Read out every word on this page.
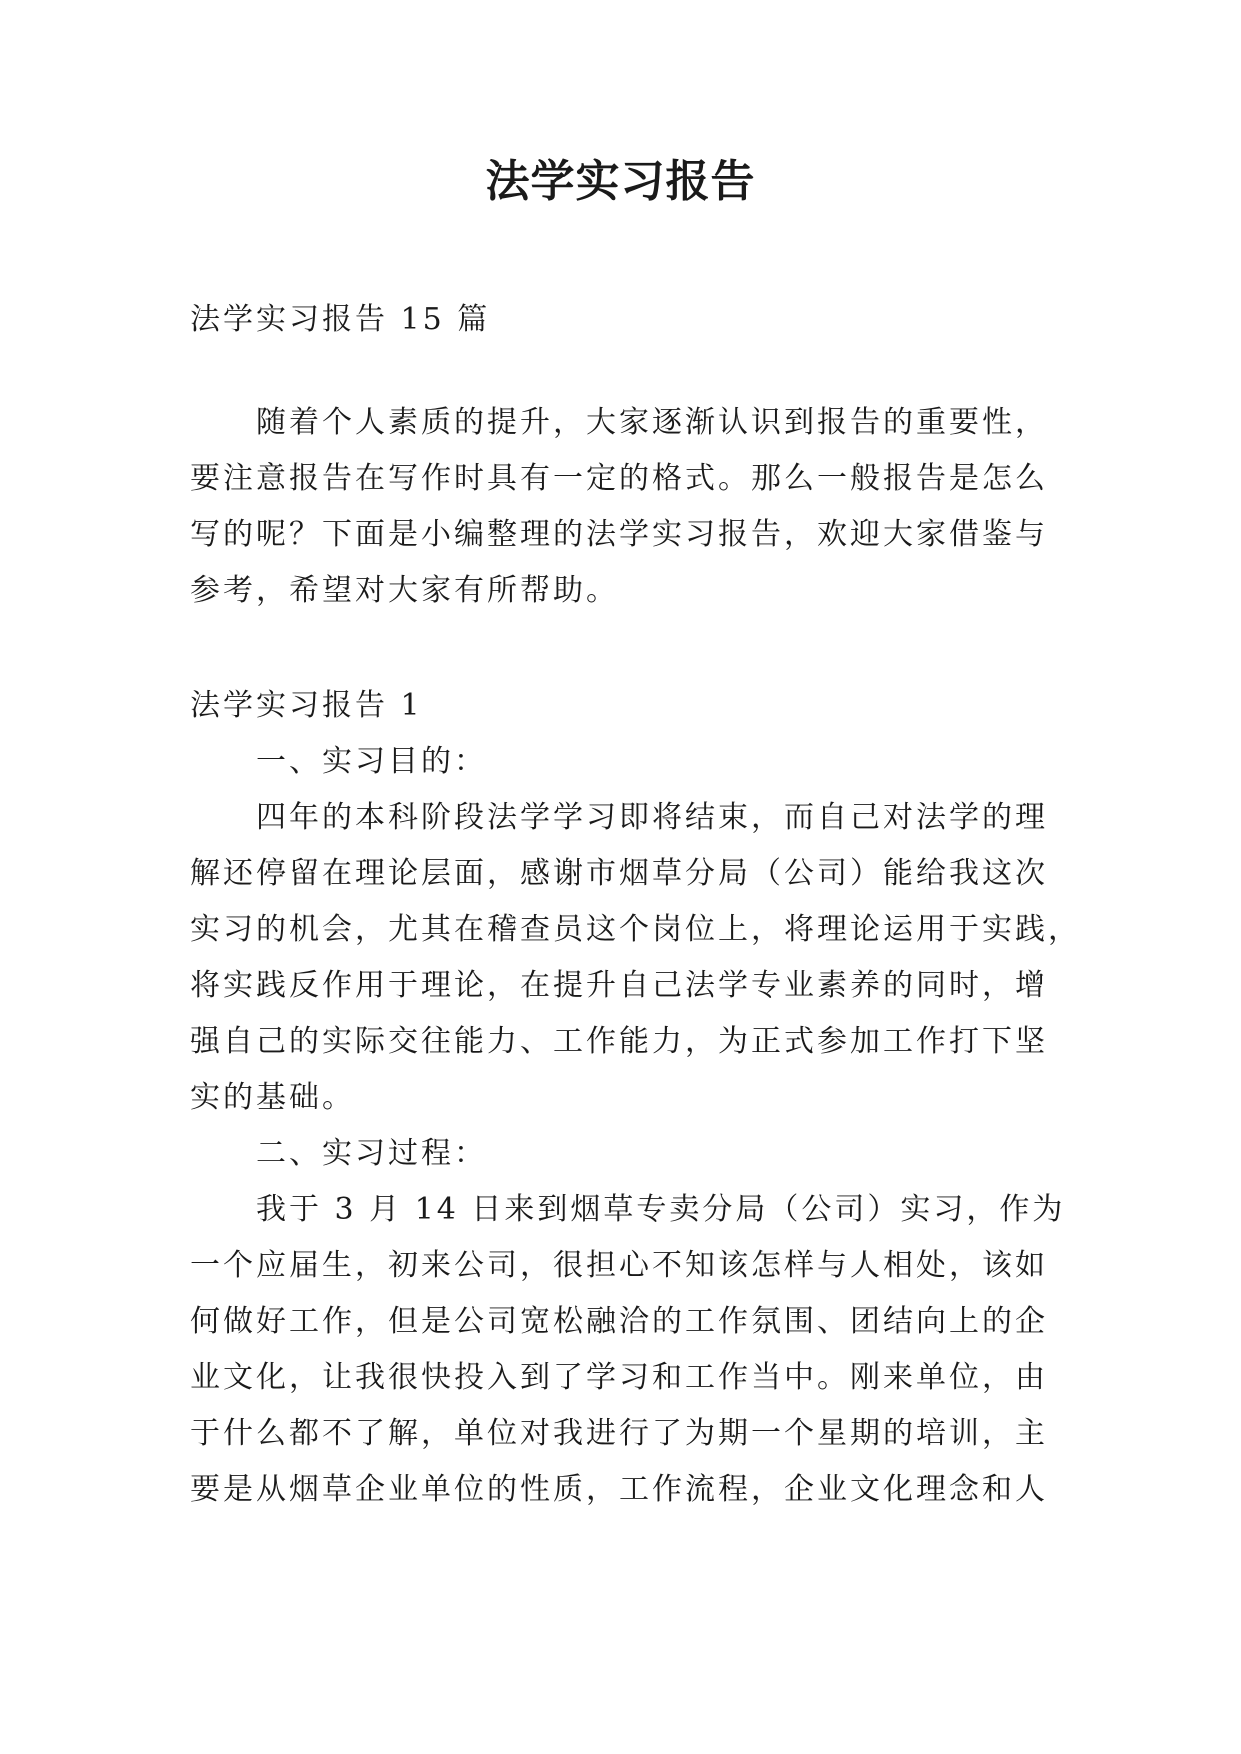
法学实习报告
法学实习报告 15 篇
随着个人素质的提升，大家逐渐认识到报告的重要性，
要注意报告在写作时具有一定的格式。那么一般报告是怎么
写的呢？下面是小编整理的法学实习报告，欢迎大家借鉴与
参考，希望对大家有所帮助。
法学实习报告 1
一、实习目的：
四年的本科阶段法学学习即将结束，而自己对法学的理
解还停留在理论层面，感谢市烟草分局（公司）能给我这次
实习的机会，尤其在稽查员这个岗位上，将理论运用于实践，
将实践反作用于理论，在提升自己法学专业素养的同时，增
强自己的实际交往能力、工作能力，为正式参加工作打下坚
实的基础。
二、实习过程：
我于 3 月 14 日来到烟草专卖分局（公司）实习，作为
一个应届生，初来公司，很担心不知该怎样与人相处，该如
何做好工作，但是公司宽松融洽的工作氛围、团结向上的企
业文化，让我很快投入到了学习和工作当中。刚来单位，由
于什么都不了解，单位对我进行了为期一个星期的培训，主
要是从烟草企业单位的性质，工作流程，企业文化理念和人
